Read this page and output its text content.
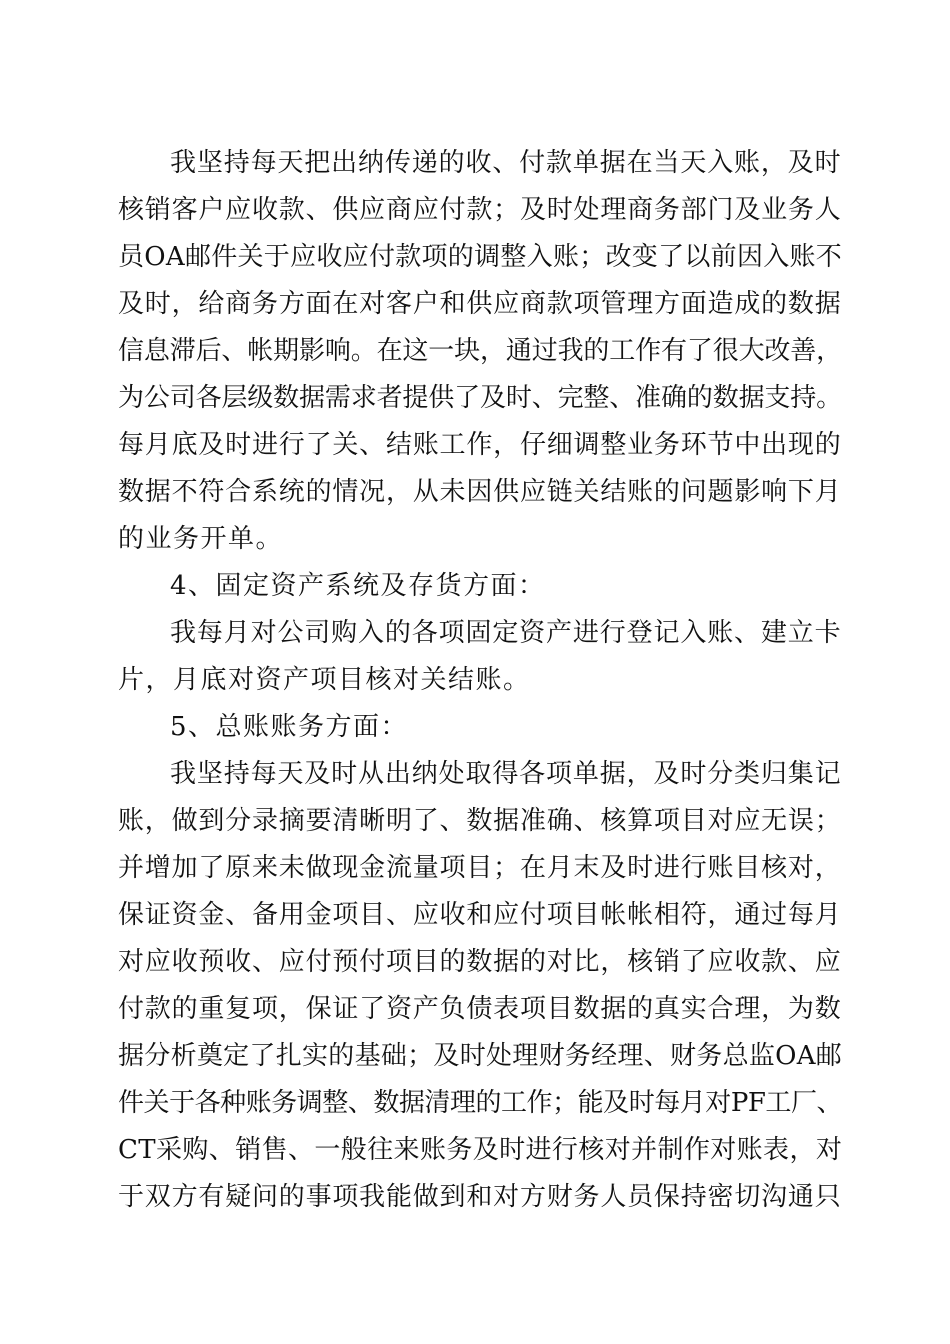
我坚持每天把出纳传递的收、付款单据在当天入账，及时
核销客户应收款、供应商应付款；及时处理商务部门及业务人
员OA邮件关于应收应付款项的调整入账；改变了以前因入账不
及时，给商务方面在对客户和供应商款项管理方面造成的数据
信息滞后、帐期影响。在这一块，通过我的工作有了很大改善，
为公司各层级数据需求者提供了及时、完整、准确的数据支持。
每月底及时进行了关、结账工作，仔细调整业务环节中出现的
数据不符合系统的情况，从未因供应链关结账的问题影响下月
的业务开单。
4、固定资产系统及存货方面：
我每月对公司购入的各项固定资产进行登记入账、建立卡
片，月底对资产项目核对关结账。
5、总账账务方面：
我坚持每天及时从出纳处取得各项单据，及时分类归集记
账，做到分录摘要清晰明了、数据准确、核算项目对应无误；
并增加了原来未做现金流量项目；在月末及时进行账目核对，
保证资金、备用金项目、应收和应付项目帐帐相符，通过每月
对应收预收、应付预付项目的数据的对比，核销了应收款、应
付款的重复项，保证了资产负债表项目数据的真实合理，为数
据分析奠定了扎实的基础；及时处理财务经理、财务总监OA邮
件关于各种账务调整、数据清理的工作；能及时每月对PF工厂、
CT采购、销售、一般往来账务及时进行核对并制作对账表，对
于双方有疑问的事项我能做到和对方财务人员保持密切沟通只
